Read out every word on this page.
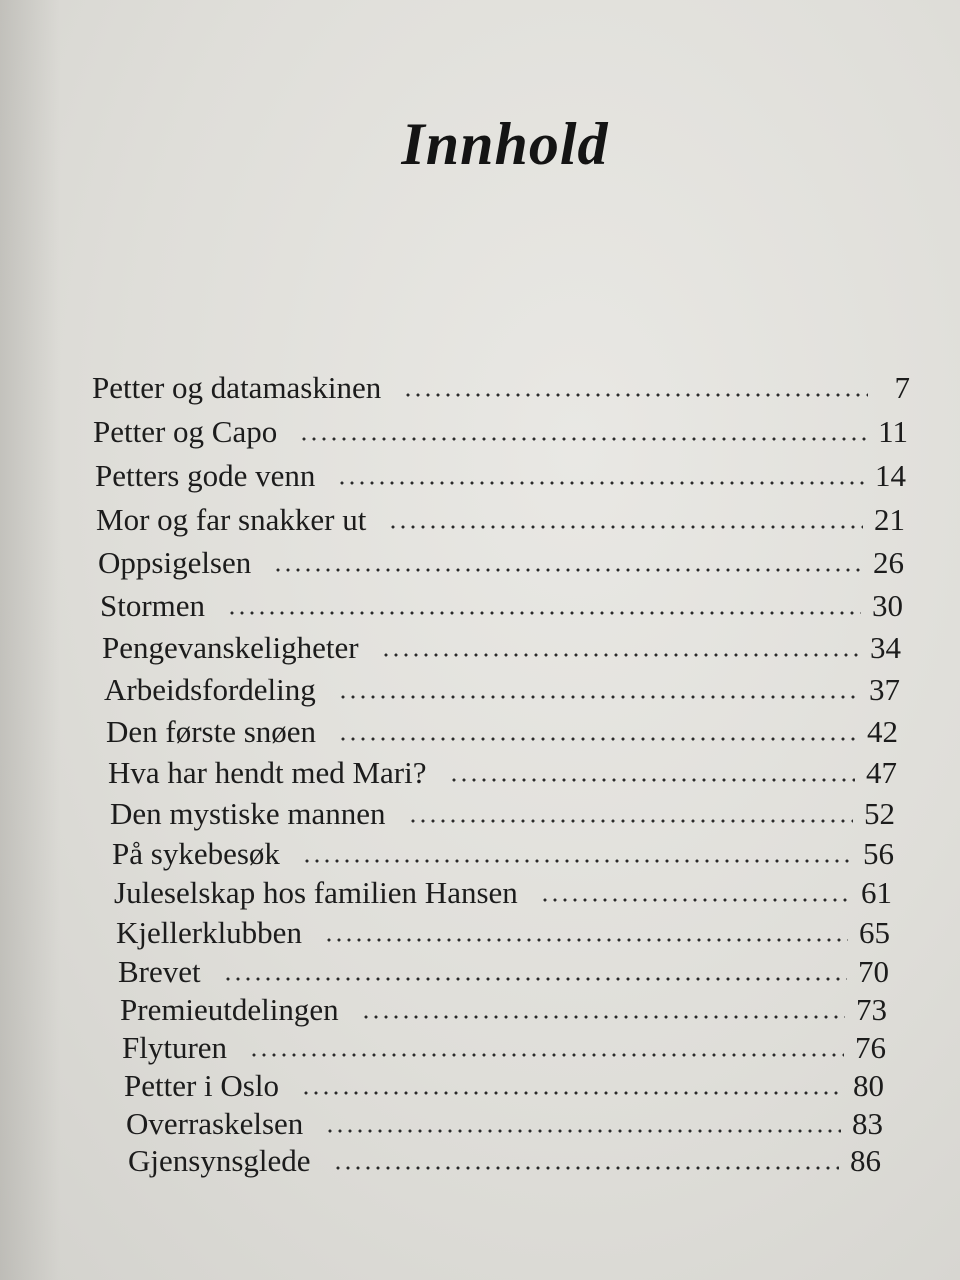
Innhold
Petter og datamaskinen	7
Petter og Capo	11
Petters gode venn	14
Mor og far snakker ut	21
Oppsigelsen	26
Stormen	30
Pengevanskeligheter	34
Arbeidsfordeling	37
Den første snøen	42
Hva har hendt med Mari?	47
Den mystiske mannen	52
På sykebesøk	56
Juleselskap hos familien Hansen	61
Kjellerklubben	65
Brevet	70
Premieutdelingen	73
Flyturen	76
Petter i Oslo	80
Overraskelsen	83
Gjensynsglede	86
